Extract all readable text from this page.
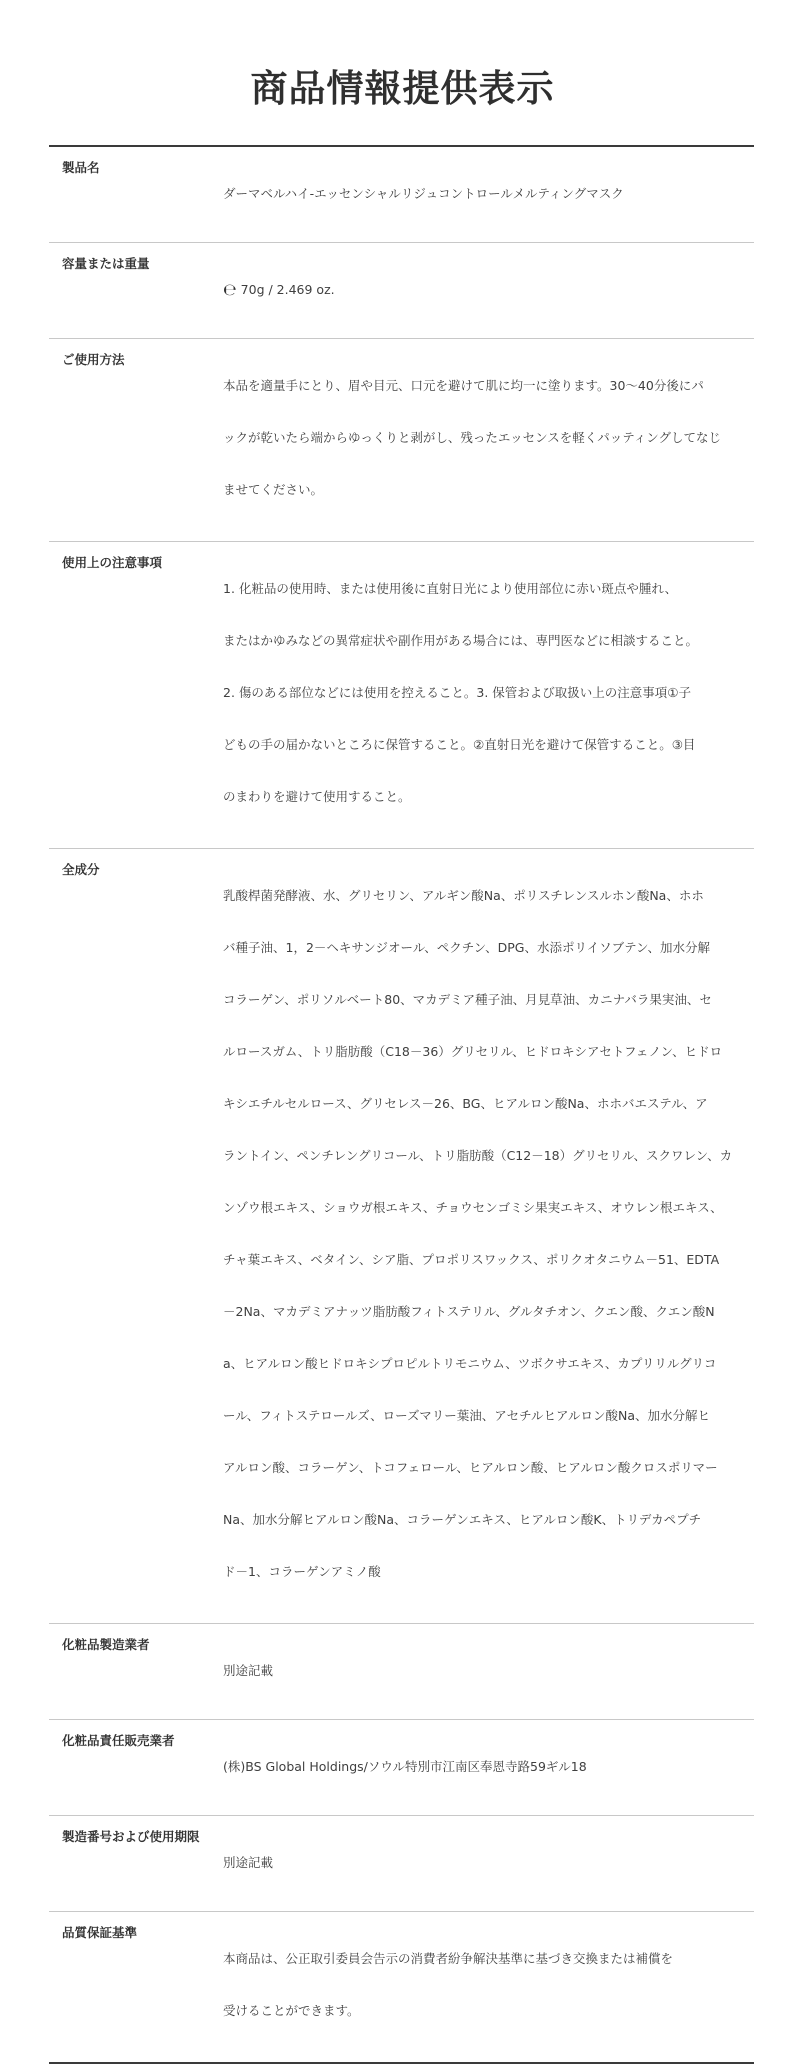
商品情報提供表示
製品名

ダーマベルハイ-エッセンシャルリジュコントロールメルティングマスク

容量または重量

℮ 70g / 2.469 oz.

ご使用方法

本品を適量手にとり、眉や目元、口元を避けて肌に均一に塗ります。30〜40分後にパ

ックが乾いたら端からゆっくりと剥がし、残ったエッセンスを軽くパッティングしてなじ

ませてください。

使用上の注意事項

1. 化粧品の使用時、または使用後に直射日光により使用部位に赤い斑点や腫れ、

またはかゆみなどの異常症状や副作用がある場合には、専門医などに相談すること。

2. 傷のある部位などには使用を控えること。3. 保管および取扱い上の注意事項①子

どもの手の届かないところに保管すること。②直射日光を避けて保管すること。③目

のまわりを避けて使用すること。

全成分

乳酸桿菌発酵液、水、グリセリン、アルギン酸Na、ポリスチレンスルホン酸Na、ホホ

バ種子油、1，2－ヘキサンジオール、ペクチン、DPG、水添ポリイソブテン、加水分解

コラーゲン、ポリソルベート80、マカデミア種子油、月見草油、カニナバラ果実油、セ

ルロースガム、トリ脂肪酸（C18－36）グリセリル、ヒドロキシアセトフェノン、ヒドロ

キシエチルセルロース、グリセレス－26、BG、ヒアルロン酸Na、ホホバエステル、ア

ラントイン、ペンチレングリコール、トリ脂肪酸（C12－18）グリセリル、スクワレン、カ

ンゾウ根エキス、ショウガ根エキス、チョウセンゴミシ果実エキス、オウレン根エキス、

チャ葉エキス、ベタイン、シア脂、プロポリスワックス、ポリクオタニウム－51、EDTA

－2Na、マカデミアナッツ脂肪酸フィトステリル、グルタチオン、クエン酸、クエン酸N

a、ヒアルロン酸ヒドロキシプロピルトリモニウム、ツボクサエキス、カプリリルグリコ

ール、フィトステロールズ、ローズマリー葉油、アセチルヒアルロン酸Na、加水分解ヒ

アルロン酸、コラーゲン、トコフェロール、ヒアルロン酸、ヒアルロン酸クロスポリマー

Na、加水分解ヒアルロン酸Na、コラーゲンエキス、ヒアルロン酸K、トリデカペプチ

ド－1、コラーゲンアミノ酸

化粧品製造業者

別途記載

化粧品責任販売業者

(株)BS Global Holdings/ソウル特別市江南区奉恩寺路59ギル18

製造番号および使用期限

別途記載

品質保証基準

本商品は、公正取引委員会告示の消費者紛争解決基準に基づき交換または補償を

受けることができます。
